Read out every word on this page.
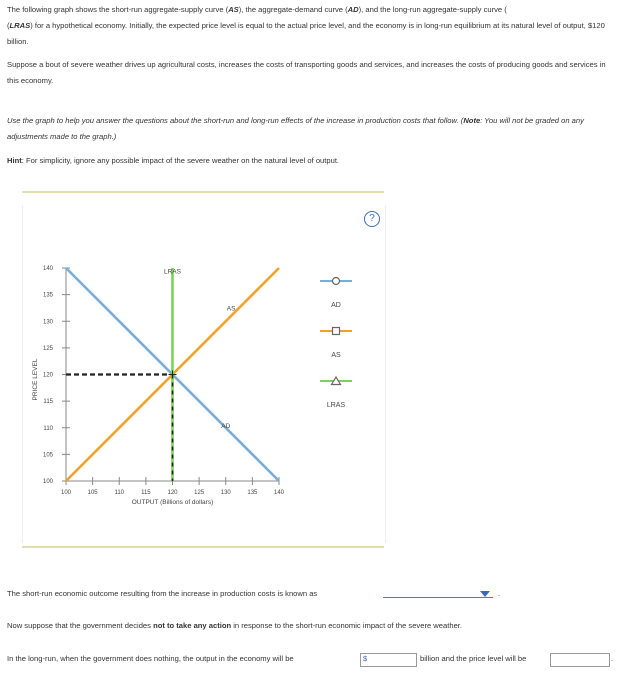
The following graph shows the short-run aggregate-supply curve (AS), the aggregate-demand curve (AD), and the long-run aggregate-supply curve (
(LRAS) for a hypothetical economy. Initially, the expected price level is equal to the actual price level, and the economy is in long-run equilibrium at its natural level of output, $120 billion.

Suppose a bout of severe weather drives up agricultural costs, increases the costs of transporting goods and services, and increases the costs of producing goods and services in this economy.

Use the graph to help you answer the questions about the short-run and long-run effects of the increase in production costs that follow. (Note: You will not be graded on any adjustments made to the graph.)

Hint: For simplicity, ignore any possible impact of the severe weather on the natural level of output.

?
100
105
110
115
120
125
130
135
140
100	105	110	115	120	125	130	135	140
OUTPUT (Billions of dollars)
PRICE LEVEL
AD
AS
LRAS
AD
AS
LRAS

The short-run economic outcome resulting from the increase in production costs is known as	.

Now suppose that the government decides not to take any action in response to the short-run economic impact of the severe weather.

In the long-run, when the government does nothing, the output in the economy will be	$	billion and the price level will be	.
